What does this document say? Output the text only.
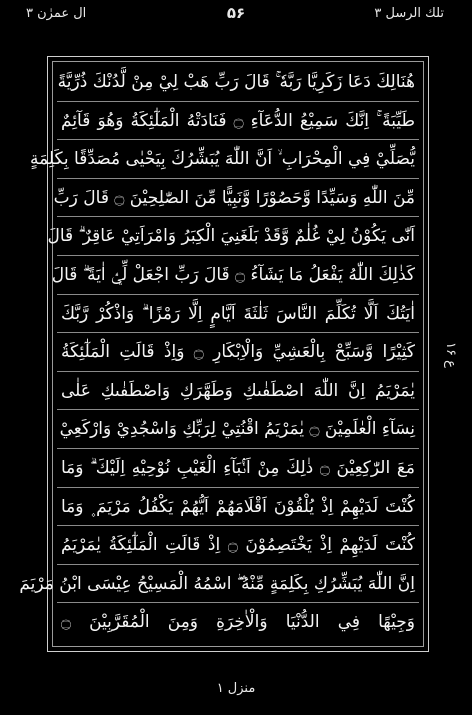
ال عمرٰن ۳	۵۶	تلك الرسل ۳
هُنَالِكَ دَعَا زَكَرِيَّا رَبَّهٗ ۚ قَالَ رَبِّ هَبْ لِيْ مِنْ لَّدُنْكَ ذُرِّيَّةً
طَيِّبَةً ۚ اِنَّكَ سَمِيْعُ الدُّعَآءِ ۝ فَنَادَتْهُ الْمَلٰٓئِكَةُ وَهُوَ قَآئِمٌ
يُّصَلِّيْ فِي الْمِحْرَابِ ۙ اَنَّ اللّٰهَ يُبَشِّرُكَ بِيَحْيٰى مُصَدِّقًا بِكَلِمَةٍ
مِّنَ اللّٰهِ وَسَيِّدًا وَّحَصُوْرًا وَّنَبِيًّا مِّنَ الصّٰلِحِيْنَ ۝ قَالَ رَبِّ
اَنّٰى يَكُوْنُ لِيْ غُلٰمٌ وَّقَدْ بَلَغَنِيَ الْكِبَرُ وَامْرَاَتِيْ عَاقِرٌ ۗ قَالَ
كَذٰلِكَ اللّٰهُ يَفْعَلُ مَا يَشَآءُ ۝ قَالَ رَبِّ اجْعَلْ لِّيْۤ اٰيَةً ۗ قَالَ
اٰيَتُكَ اَلَّا تُكَلِّمَ النَّاسَ ثَلٰثَةَ اَيَّامٍ اِلَّا رَمْزًا ۗ وَاذْكُرْ رَّبَّكَ
كَثِيْرًا وَّسَبِّحْ بِالْعَشِيِّ وَالْاِبْكَارِ ۝ وَاِذْ قَالَتِ الْمَلٰٓئِكَةُ
يٰمَرْيَمُ اِنَّ اللّٰهَ اصْطَفٰىكِ وَطَهَّرَكِ وَاصْطَفٰىكِ عَلٰى
نِسَآءِ الْعٰلَمِيْنَ ۝ يٰمَرْيَمُ اقْنُتِيْ لِرَبِّكِ وَاسْجُدِيْ وَارْكَعِيْ
مَعَ الرّٰكِعِيْنَ ۝ ذٰلِكَ مِنْ اَنْۢبَآءِ الْغَيْبِ نُوْحِيْهِ اِلَيْكَ ۗ وَمَا
كُنْتَ لَدَيْهِمْ اِذْ يُلْقُوْنَ اَقْلَامَهُمْ اَيُّهُمْ يَكْفُلُ مَرْيَمَ ۪ وَمَا
كُنْتَ لَدَيْهِمْ اِذْ يَخْتَصِمُوْنَ ۝ اِذْ قَالَتِ الْمَلٰٓئِكَةُ يٰمَرْيَمُ
اِنَّ اللّٰهَ يُبَشِّرُكِ بِكَلِمَةٍ مِّنْهُ ۖ اسْمُهُ الْمَسِيْحُ عِيْسَى ابْنُ مَرْيَمَ
وَجِيْهًا فِي الدُّنْيَا وَالْاٰخِرَةِ وَمِنَ الْمُقَرَّبِيْنَ ۝
ع ۱۶
منزل ۱
